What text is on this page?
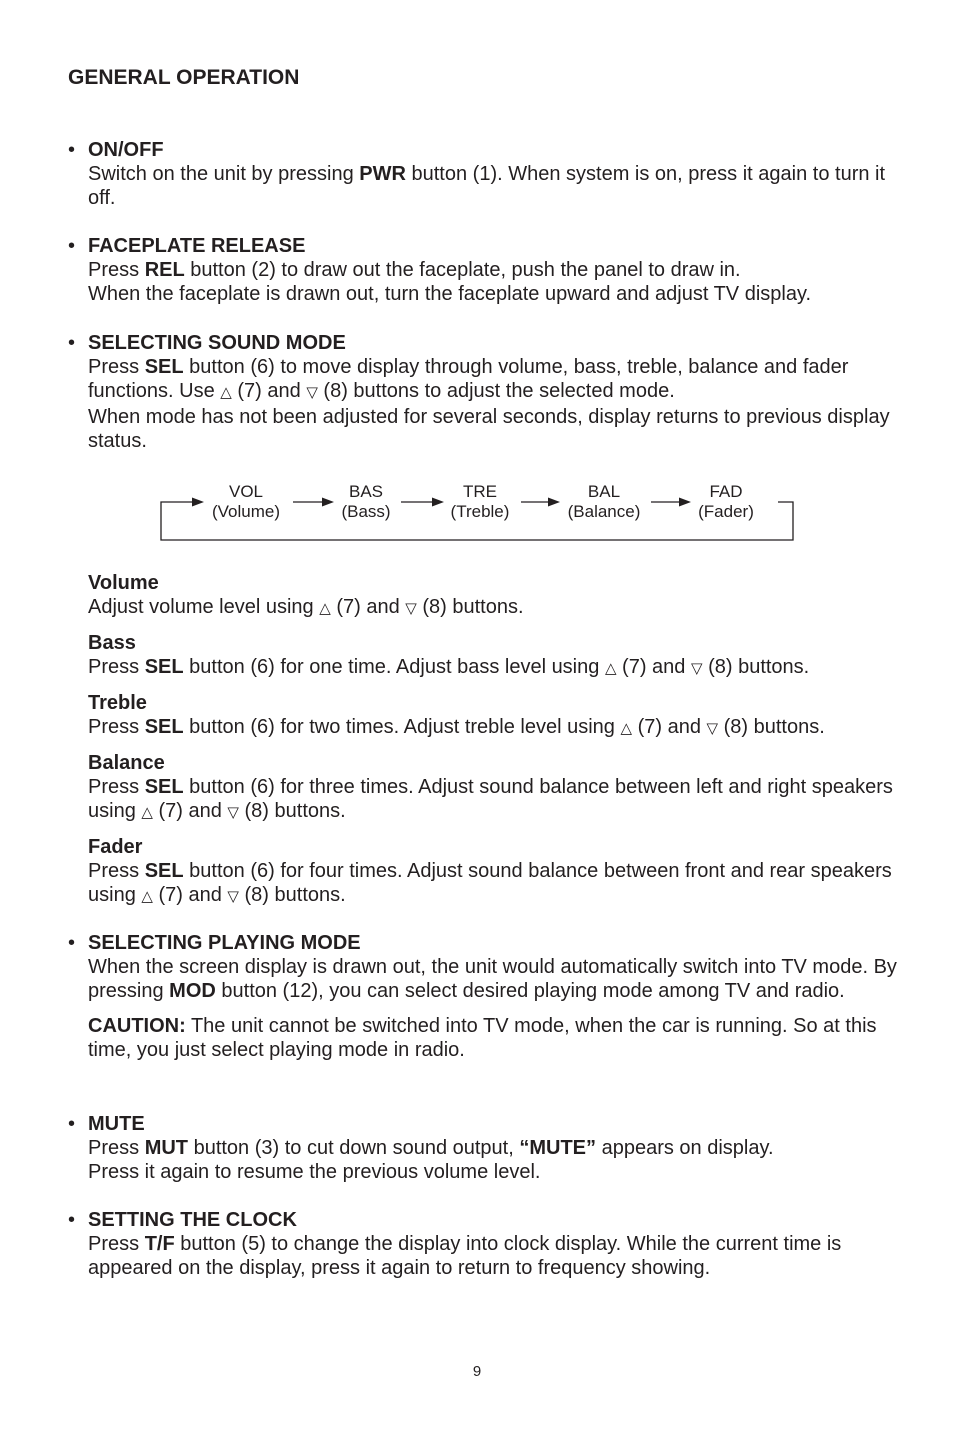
GENERAL OPERATION
• ON/OFF
Switch on the unit by pressing PWR button (1). When system is on, press it again to turn it off.
• FACEPLATE RELEASE
Press REL button (2) to draw out the faceplate, push the panel to draw in.
When the faceplate is drawn out, turn the faceplate upward and adjust TV display.
• SELECTING SOUND MODE
Press SEL button (6) to move display through volume, bass, treble, balance and fader functions. Use △ (7) and ▽ (8) buttons to adjust the selected mode.
When mode has not been adjusted for several seconds, display returns to previous display status.
VOL
(Volume)
BAS
(Bass)
TRE
(Treble)
BAL
(Balance)
FAD
(Fader)
Volume
Adjust volume level using △ (7) and ▽ (8) buttons.
Bass
Press SEL button (6) for one time. Adjust bass level using △ (7) and ▽ (8) buttons.
Treble
Press SEL button (6) for two times. Adjust treble level using △ (7) and ▽ (8) buttons.
Balance
Press SEL button (6) for three times. Adjust sound balance between left and right speakers using △ (7) and ▽ (8) buttons.
Fader
Press SEL button (6) for four times. Adjust sound balance between front and rear speakers using △ (7) and ▽ (8) buttons.
• SELECTING PLAYING MODE
When the screen display is drawn out, the unit would automatically switch into TV mode. By pressing MOD button (12), you can select desired playing mode among TV and radio.
CAUTION: The unit cannot be switched into TV mode, when the car is running. So at this time, you just select playing mode in radio.
• MUTE
Press MUT button (3) to cut down sound output, “MUTE” appears on display.
Press it again to resume the previous volume level.
• SETTING THE CLOCK
Press T/F button (5) to change the display into clock display. While the current time is appeared on the display, press it again to return to frequency showing.
9
